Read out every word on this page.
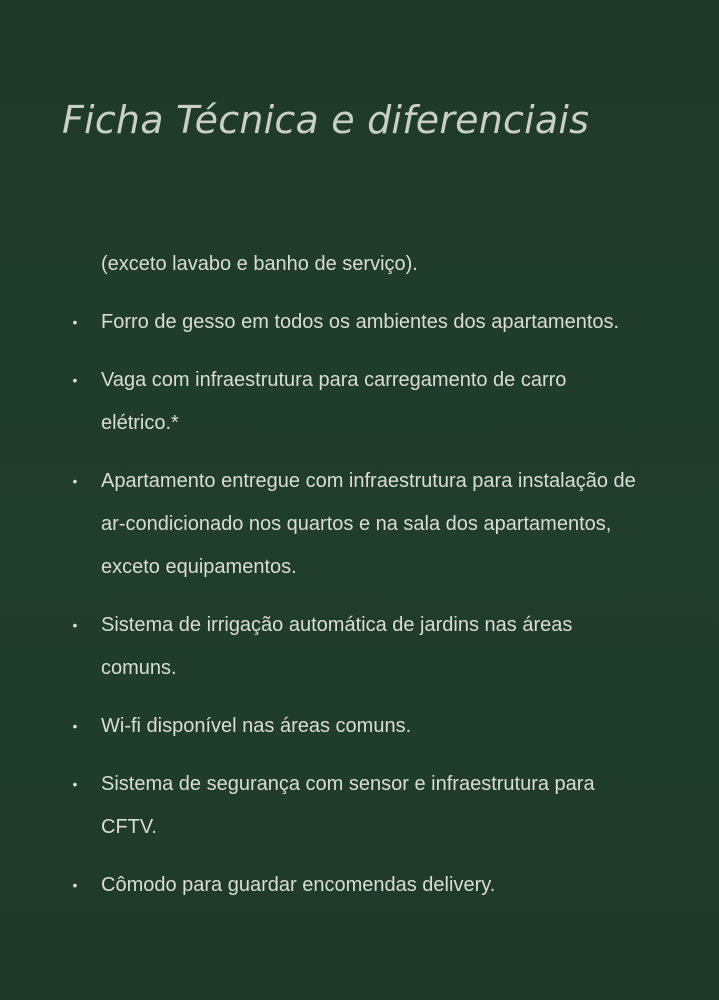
Ficha Técnica e diferenciais

(exceto lavabo e banho de serviço).

• Forro de gesso em todos os ambientes dos apartamentos.
• Vaga com infraestrutura para carregamento de carro elétrico.*
• Apartamento entregue com infraestrutura para instalação de ar-condicionado nos quartos e na sala dos apartamentos, exceto equipamentos.
• Sistema de irrigação automática de jardins nas áreas comuns.
• Wi-fi disponível nas áreas comuns.
• Sistema de segurança com sensor e infraestrutura para CFTV.
• Cômodo para guardar encomendas delivery.
